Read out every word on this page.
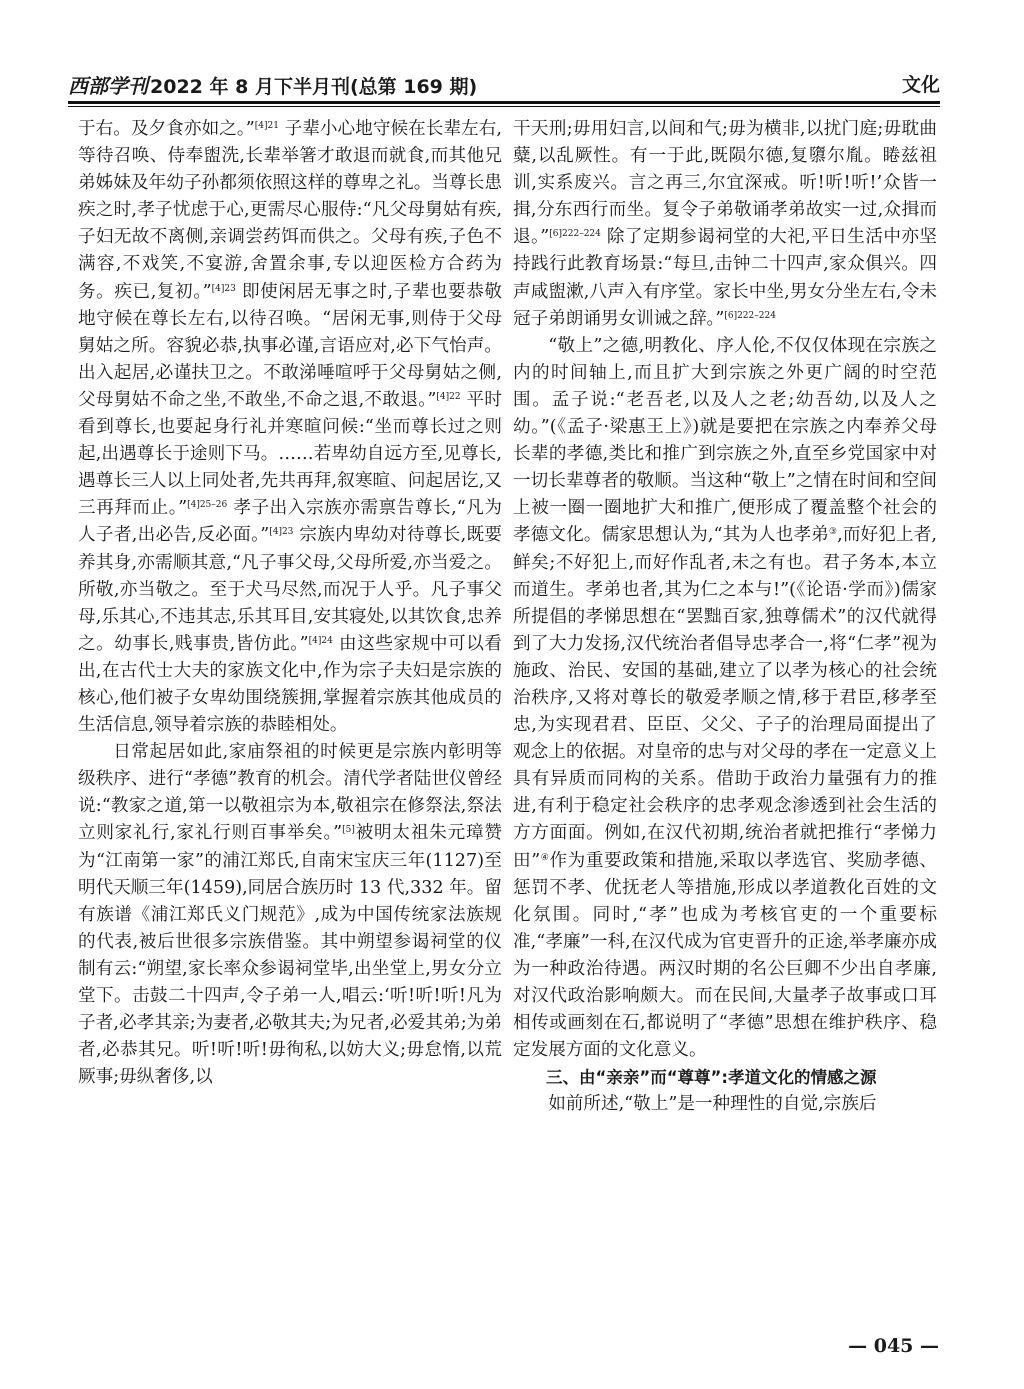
西部学刊 2022 年 8 月下半月刊(总第 169 期)	文化

于右。及夕食亦如之。”$^{[4]21}$ 子辈小心地守候在长辈左右,等待召唤、侍奉盥洗,长辈举箸才敢退而就食,而其他兄弟姊妹及年幼子孙都须依照这样的尊卑之礼。当尊长患疾之时,孝子忧虑于心,更需尽心服侍:“凡父母舅姑有疾,子妇无故不离侧,亲调尝药饵而供之。父母有疾,子色不满容,不戏笑,不宴游,舍置余事,专以迎医检方合药为务。疾已,复初。”$^{[4]23}$ 即使闲居无事之时,子辈也要恭敬地守候在尊长左右,以待召唤。“居闲无事,则侍于父母舅姑之所。容貌必恭,执事必谨,言语应对,必下气怡声。出入起居,必谨扶卫之。不敢涕唾喧呼于父母舅姑之侧,父母舅姑不命之坐,不敢坐,不命之退,不敢退。”$^{[4]22}$ 平时看到尊长,也要起身行礼并寒暄问候:“坐而尊长过之则起,出遇尊长于途则下马。……若卑幼自远方至,见尊长,遇尊长三人以上同处者,先共再拜,叙寒暄、问起居讫,又三再拜而止。”$^{[4]25-26}$ 孝子出入宗族亦需禀告尊长,“凡为人子者,出必告,反必面。”$^{[4]23}$ 宗族内卑幼对待尊长,既要养其身,亦需顺其意,“凡子事父母,父母所爱,亦当爱之。所敬,亦当敬之。至于犬马尽然,而况于人乎。凡子事父母,乐其心,不违其志,乐其耳目,安其寝处,以其饮食,忠养之。幼事长,贱事贵,皆仿此。”$^{[4]24}$ 由这些家规中可以看出,在古代士大夫的家族文化中,作为宗子夫妇是宗族的核心,他们被子女卑幼围绕簇拥,掌握着宗族其他成员的生活信息,领导着宗族的恭睦相处。

日常起居如此,家庙祭祖的时候更是宗族内彰明等级秩序、进行“孝德”教育的机会。清代学者陆世仪曾经说:“教家之道,第一以敬祖宗为本,敬祖宗在修祭法,祭法立则家礼行,家礼行则百事举矣。”[5]被明太祖朱元璋赞为“江南第一家”的浦江郑氏,自南宋宝庆三年(1127)至明代天顺三年(1459),同居合族历时 13 代,332 年。留有族谱《浦江郑氏义门规范》,成为中国传统家法族规的代表,被后世很多宗族借鉴。其中朔望参谒祠堂的仪制有云:“朔望,家长率众参谒祠堂毕,出坐堂上,男女分立堂下。击鼓二十四声,令子弟一人,唱云:‘听!听!听!凡为子者,必孝其亲;为妻者,必敬其夫;为兄者,必爱其弟;为弟者,必恭其兄。听!听!听!毋徇私,以妨大义;毋怠惰,以荒厥事;毋纵奢侈,以

干天刑;毋用妇言,以间和气;毋为横非,以扰门庭;毋耽曲糵,以乱厥性。有一于此,既陨尔德,复隳尔胤。睠兹祖训,实系废兴。言之再三,尔宜深戒。听!听!听!’众皆一揖,分东西行而坐。复令子弟敬诵孝弟故实一过,众揖而退。”$^{[6]222-224}$ 除了定期参谒祠堂的大祀,平日生活中亦坚持践行此教育场景:“每旦,击钟二十四声,家众俱兴。四声咸盥漱,八声入有序堂。家长中坐,男女分坐左右,令未冠子弟朗诵男女训诫之辞。”$^{[6]222-224}$

“敬上”之德,明教化、序人伦,不仅仅体现在宗族之内的时间轴上,而且扩大到宗族之外更广阔的时空范围。孟子说:“老吾老,以及人之老;幼吾幼,以及人之幼。”(《孟子·梁惠王上》)就是要把在宗族之内奉养父母长辈的孝德,类比和推广到宗族之外,直至乡党国家中对一切长辈尊者的敬顺。当这种“敬上”之情在时间和空间上被一圈一圈地扩大和推广,便形成了覆盖整个社会的孝德文化。儒家思想认为,“其为人也孝弟③,而好犯上者,鲜矣;不好犯上,而好作乱者,未之有也。君子务本,本立而道生。孝弟也者,其为仁之本与!”(《论语·学而》)儒家所提倡的孝悌思想在“罢黜百家,独尊儒术”的汉代就得到了大力发扬,汉代统治者倡导忠孝合一,将“仁孝”视为施政、治民、安国的基础,建立了以孝为核心的社会统治秩序,又将对尊长的敬爱孝顺之情,移于君臣,移孝至忠,为实现君君、臣臣、父父、子子的治理局面提出了观念上的依据。对皇帝的忠与对父母的孝在一定意义上具有异质而同构的关系。借助于政治力量强有力的推进,有利于稳定社会秩序的忠孝观念渗透到社会生活的方方面面。例如,在汉代初期,统治者就把推行“孝悌力田”④作为重要政策和措施,采取以孝选官、奖励孝德、惩罚不孝、优抚老人等措施,形成以孝道教化百姓的文化氛围。同时,“孝”也成为考核官吏的一个重要标准,“孝廉”一科,在汉代成为官吏晋升的正途,举孝廉亦成为一种政治待遇。两汉时期的名公巨卿不少出自孝廉,对汉代政治影响颇大。而在民间,大量孝子故事或口耳相传或画刻在石,都说明了“孝德”思想在维护秩序、稳定发展方面的文化意义。

三、由“亲亲”而“尊尊”:孝道文化的情感之源

如前所述,“敬上”是一种理性的自觉,宗族后

— 045 —
